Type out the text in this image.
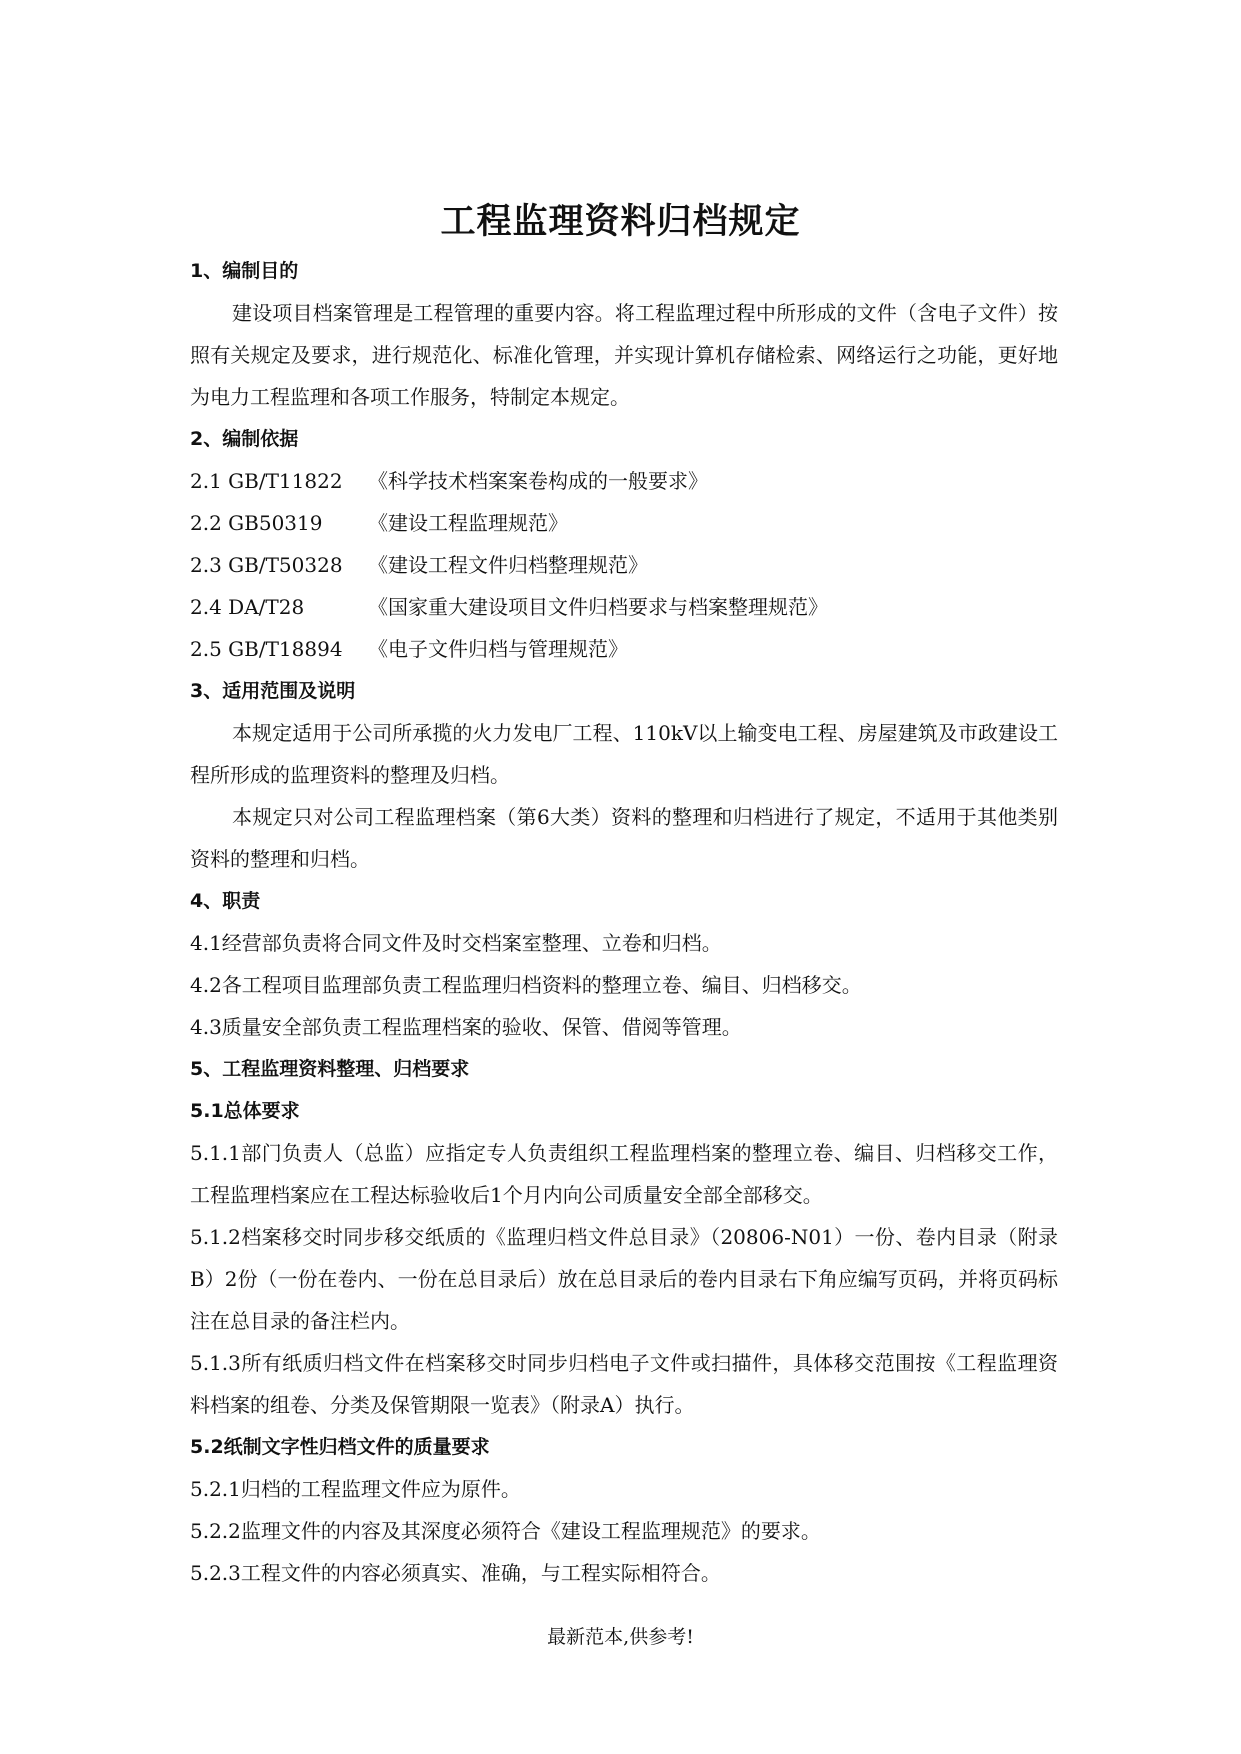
工程监理资料归档规定
1、编制目的
建设项目档案管理是工程管理的重要内容。将工程监理过程中所形成的文件（含电子文件）按照有关规定及要求，进行规范化、标准化管理，并实现计算机存储检索、网络运行之功能，更好地为电力工程监理和各项工作服务，特制定本规定。
2、编制依据
2.1 GB/T11822 《科学技术档案案卷构成的一般要求》
2.2 GB50319 《建设工程监理规范》
2.3 GB/T50328 《建设工程文件归档整理规范》
2.4 DA/T28	《国家重大建设项目文件归档要求与档案整理规范》
2.5 GB/T18894 《电子文件归档与管理规范》
3、适用范围及说明
本规定适用于公司所承揽的火力发电厂工程、110kV以上输变电工程、房屋建筑及市政建设工程所形成的监理资料的整理及归档。
本规定只对公司工程监理档案（第6大类）资料的整理和归档进行了规定，不适用于其他类别资料的整理和归档。
4、职责
4.1经营部负责将合同文件及时交档案室整理、立卷和归档。
4.2各工程项目监理部负责工程监理归档资料的整理立卷、编目、归档移交。
4.3质量安全部负责工程监理档案的验收、保管、借阅等管理。
5、工程监理资料整理、归档要求
5.1总体要求
5.1.1部门负责人（总监）应指定专人负责组织工程监理档案的整理立卷、编目、归档移交工作，工程监理档案应在工程达标验收后1个月内向公司质量安全部全部移交。
5.1.2档案移交时同步移交纸质的《监理归档文件总目录》（20806-N01）一份、卷内目录（附录B）2份（一份在卷内、一份在总目录后）放在总目录后的卷内目录右下角应编写页码，并将页码标注在总目录的备注栏内。
5.1.3所有纸质归档文件在档案移交时同步归档电子文件或扫描件，具体移交范围按《工程监理资料档案的组卷、分类及保管期限一览表》（附录A）执行。
5.2纸制文字性归档文件的质量要求
5.2.1归档的工程监理文件应为原件。
5.2.2监理文件的内容及其深度必须符合《建设工程监理规范》的要求。
5.2.3工程文件的内容必须真实、准确，与工程实际相符合。
最新范本,供参考!
